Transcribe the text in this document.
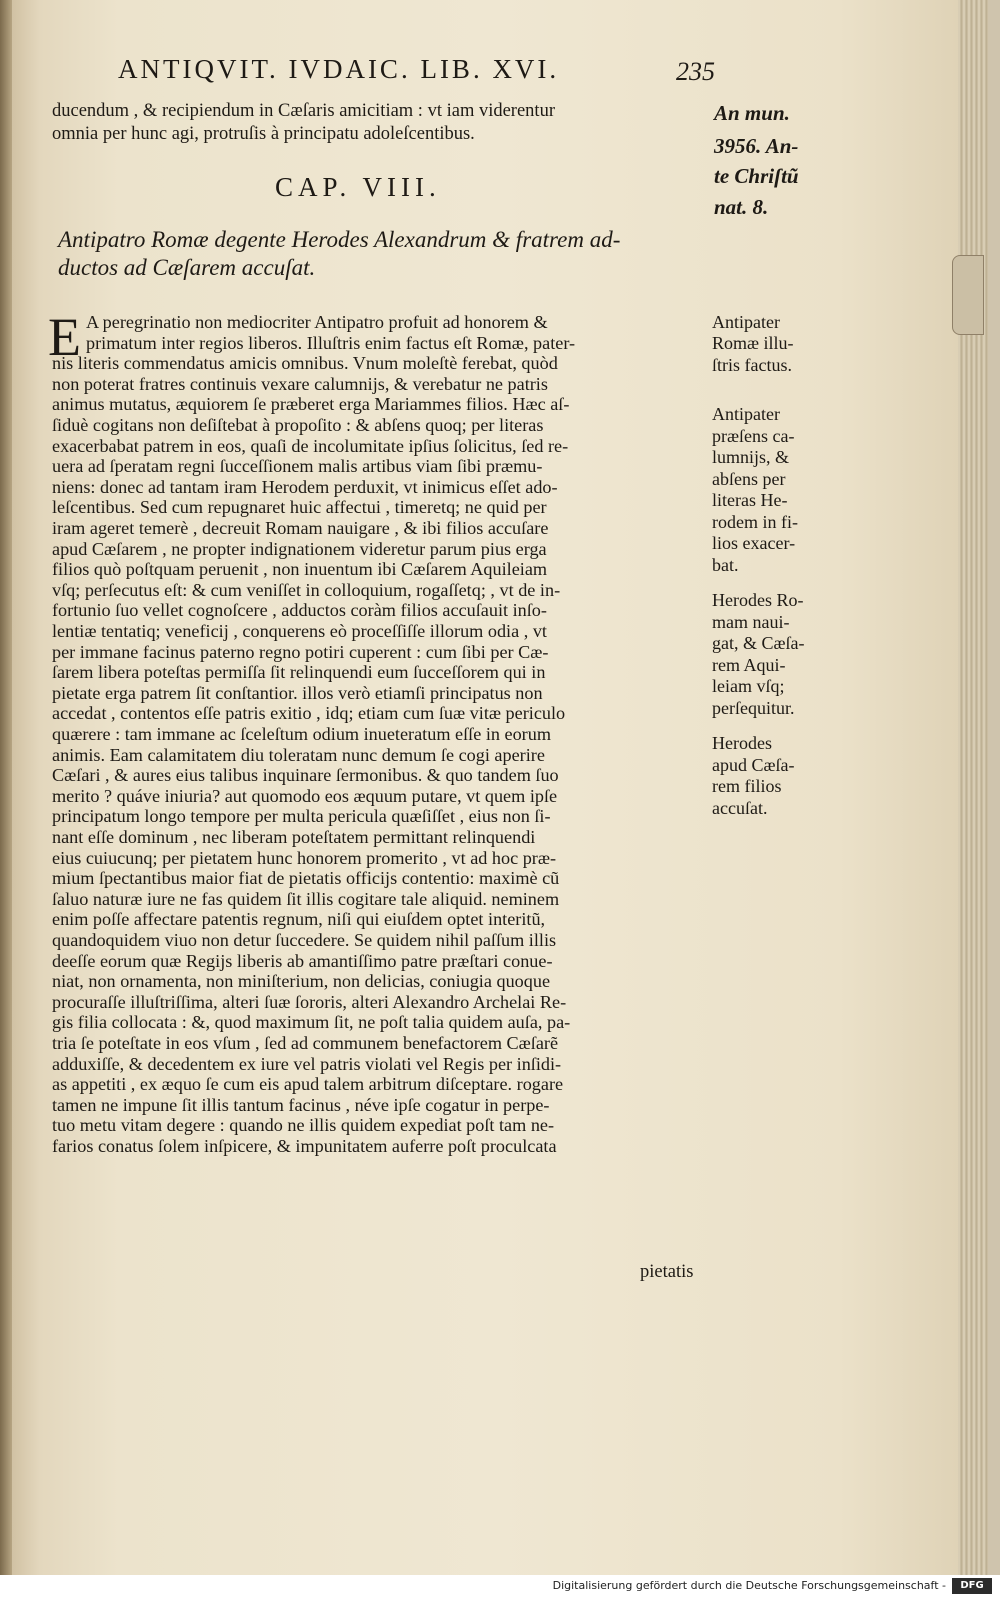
ANTIQVIT. IVDAIC. LIB. XVI.	235
ducendum , & recipiendum in Cæſaris amicitiam : vt iam viderentur
omnia per hunc agi, protruſis à principatu adoleſcentibus.
CAP. VIII.
Antipatro Romæ degente Herodes Alexandrum & fratrem ad-
ductos ad Cæſarem accuſat.
E A peregrinatio non mediocriter Antipatro profuit ad honorem &
primatum inter regios liberos. Illuſtris enim factus eſt Romæ, pater-
nis literis commendatus amicis omnibus. Vnum moleſtè ferebat, quòd
non poterat fratres continuis vexare calumnijs, & verebatur ne patris
animus mutatus, æquiorem ſe præberet erga Mariammes filios. Hæc aſ-
ſiduè cogitans non deſiſtebat à propoſito : & abſens quoq; per literas
exacerbabat patrem in eos, quaſi de incolumitate ipſius ſolicitus, ſed re-
uera ad ſperatam regni ſucceſſionem malis artibus viam ſibi præmu-
niens: donec ad tantam iram Herodem perduxit, vt inimicus eſſet ado-
leſcentibus. Sed cum repugnaret huic affectui , timeretq; ne quid per
iram ageret temerè , decreuit Romam nauigare , & ibi filios accuſare
apud Cæſarem , ne propter indignationem videretur parum pius erga
filios quò poſtquam peruenit , non inuentum ibi Cæſarem Aquileiam
vſq; perſecutus eſt: & cum veniſſet in colloquium, rogaſſetq; , vt de in-
fortunio ſuo vellet cognoſcere , adductos coràm filios accuſauit inſo-
lentiæ tentatiq; veneficij , conquerens eò proceſſiſſe illorum odia , vt
per immane facinus paterno regno potiri cuperent : cum ſibi per Cæ-
ſarem libera poteſtas permiſſa ſit relinquendi eum ſucceſſorem qui in
pietate erga patrem ſit conſtantior. illos verò etiamſi principatus non
accedat , contentos eſſe patris exitio , idq; etiam cum ſuæ vitæ periculo
quærere : tam immane ac ſceleſtum odium inueteratum eſſe in eorum
animis. Eam calamitatem diu toleratam nunc demum ſe cogi aperire
Cæſari , & aures eius talibus inquinare ſermonibus. & quo tandem ſuo
merito ? quáve iniuria? aut quomodo eos æquum putare, vt quem ipſe
principatum longo tempore per multa pericula quæſiſſet , eius non ſi-
nant eſſe dominum , nec liberam poteſtatem permittant relinquendi
eius cuiucunq; per pietatem hunc honorem promerito , vt ad hoc præ-
mium ſpectantibus maior fiat de pietatis officijs contentio: maximè cũ
ſaluo naturæ iure ne fas quidem ſit illis cogitare tale aliquid. neminem
enim poſſe affectare patentis regnum, niſi qui eiuſdem optet interitũ,
quandoquidem viuo non detur ſuccedere. Se quidem nihil paſſum illis
deeſſe eorum quæ Regijs liberis ab amantiſſimo patre præſtari conue-
niat, non ornamenta, non miniſterium, non delicias, coniugia quoque
procuraſſe illuſtriſſima, alteri ſuæ ſororis, alteri Alexandro Archelai Re-
gis filia collocata : &, quod maximum ſit, ne poſt talia quidem auſa, pa-
tria ſe poteſtate in eos vſum , ſed ad communem benefactorem Cæſarẽ
adduxiſſe, & decedentem ex iure vel patris violati vel Regis per inſidi-
as appetiti , ex æquo ſe cum eis apud talem arbitrum diſceptare. rogare
tamen ne impune ſit illis tantum facinus , néve ipſe cogatur in perpe-
tuo metu vitam degere : quando ne illis quidem expediat poſt tam ne-
farios conatus ſolem inſpicere, & impunitatem auferre poſt proculcata
Antipater
Romæ illu-
ſtris factus.
Antipater
præſens ca-
lumnijs, &
abſens per
literas He-
rodem in fi-
lios exacer-
bat.
Herodes Ro-
mam naui-
gat, & Cæſa-
rem Aqui-
leiam vſq;
perſequitur.
Herodes
apud Cæſa-
rem filios
accuſat.
An mun.
3956. An-
te Chriſtũ
nat. 8.
pietatis
Digitalisierung gefördert durch die Deutsche Forschungsgemeinschaft -	DFG
